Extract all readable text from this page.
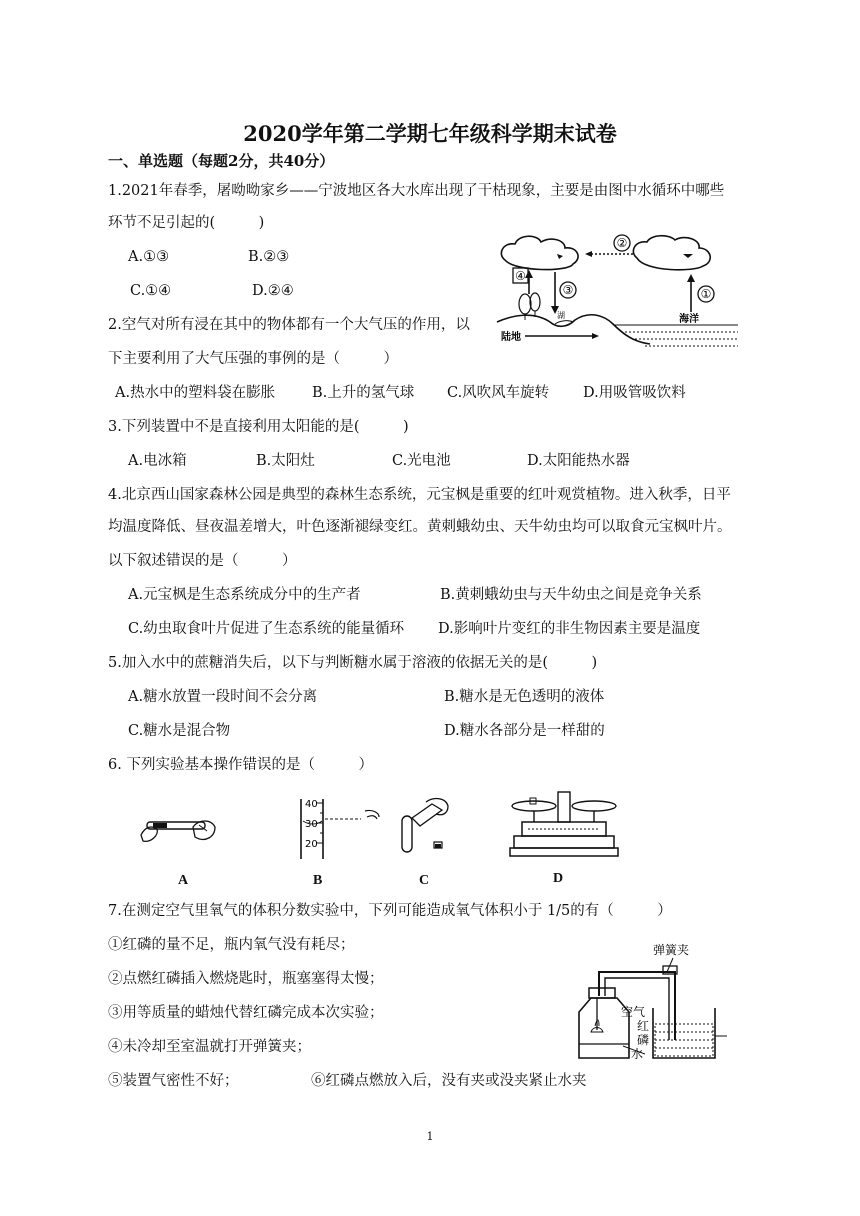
2020学年第二学期七年级科学期末试卷
一、单选题（每题2分，共40分）
1.2021年春季，屠呦呦家乡——宁波地区各大水库出现了干枯现象，主要是由图中水循环中哪些
环节不足引起的(　　　)
A.①③	B.②③
C.①④	D.②④
②
①
③
④
湖
陆地
海洋
2.空气对所有浸在其中的物体都有一个大气压的作用，以
下主要利用了大气压强的事例的是（　　　）
A.热水中的塑料袋在膨胀	B.上升的氢气球 C.风吹风车旋转 D.用吸管吸饮料
3.下列装置中不是直接利用太阳能的是(　　　)
A.电冰箱	B.太阳灶	C.光电池	D.太阳能热水器
4.北京西山国家森林公园是典型的森林生态系统，元宝枫是重要的红叶观赏植物。进入秋季，日平
均温度降低、昼夜温差增大，叶色逐渐褪绿变红。黄刺蛾幼虫、天牛幼虫均可以取食元宝枫叶片。
以下叙述错误的是（　　　）
A.元宝枫是生态系统成分中的生产者	B.黄刺蛾幼虫与天牛幼虫之间是竞争关系
C.幼虫取食叶片促进了生态系统的能量循环 D.影响叶片变红的非生物因素主要是温度
5.加入水中的蔗糖消失后，以下与判断糖水属于溶液的依据无关的是(　　　)
A.糖水放置一段时间不会分离	B.糖水是无色透明的液体
C.糖水是混合物	D.糖水各部分是一样甜的
6. 下列实验基本操作错误的是（　　　）
A
40
30
20
B	C	D
7.在测定空气里氧气的体积分数实验中，下列可能造成氧气体积小于 1/5的有（　　　）
①红磷的量不足，瓶内氧气没有耗尽；
②点燃红磷插入燃烧匙时，瓶塞塞得太慢；
③用等质量的蜡烛代替红磷完成本次实验；
④未冷却至室温就打开弹簧夹；
⑤装置气密性不好；	⑥红磷点燃放入后，没有夹或没夹紧止水夹
弹簧夹
空气
红
磷
水
1
